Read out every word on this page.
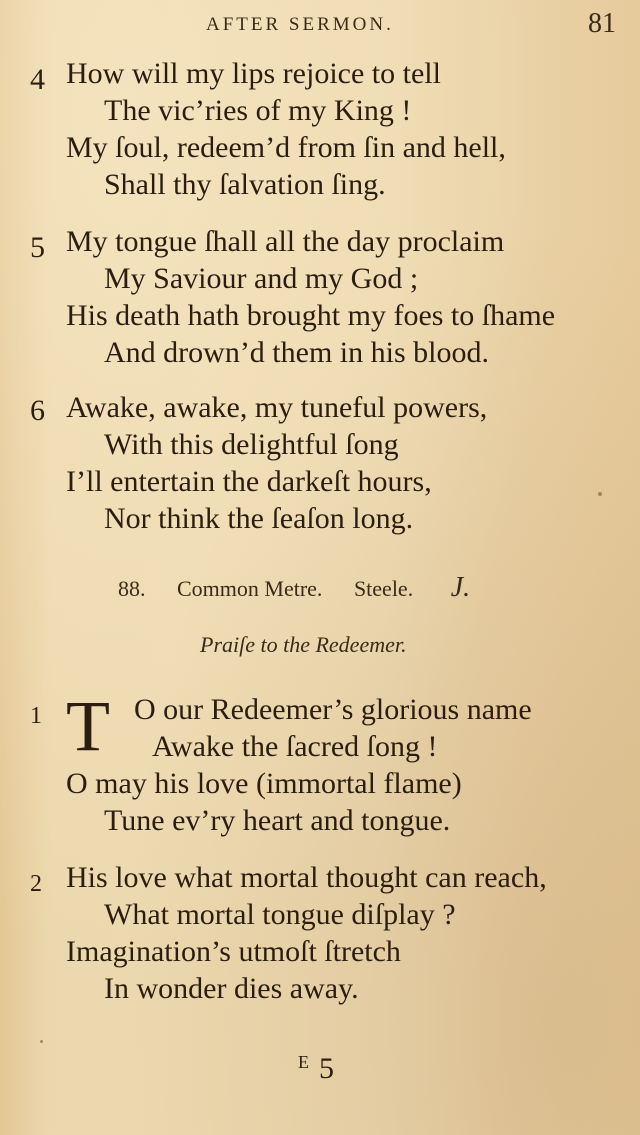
AFTER SERMON.	81
4 How will my lips rejoice to tell
The vic’ries of my King !
My ſoul, redeem’d from ſin and hell,
Shall thy ſalvation ſing.
5 My tongue ſhall all the day proclaim
My Saviour and my God ;
His death hath brought my foes to ſhame
And drown’d them in his blood.
6 Awake, awake, my tuneful powers,
With this delightful ſong
I’ll entertain the darkeſt hours,
Nor think the ſeaſon long.
88. Common Metre. Steele. J.
Praiſe to the Redeemer.
1 T O our Redeemer’s glorious name
Awake the ſacred ſong !
O may his love (immortal flame)
Tune ev’ry heart and tongue.
2 His love what mortal thought can reach,
What mortal tongue diſplay ?
Imagination’s utmoſt ſtretch
In wonder dies away.
$^E$ 5
